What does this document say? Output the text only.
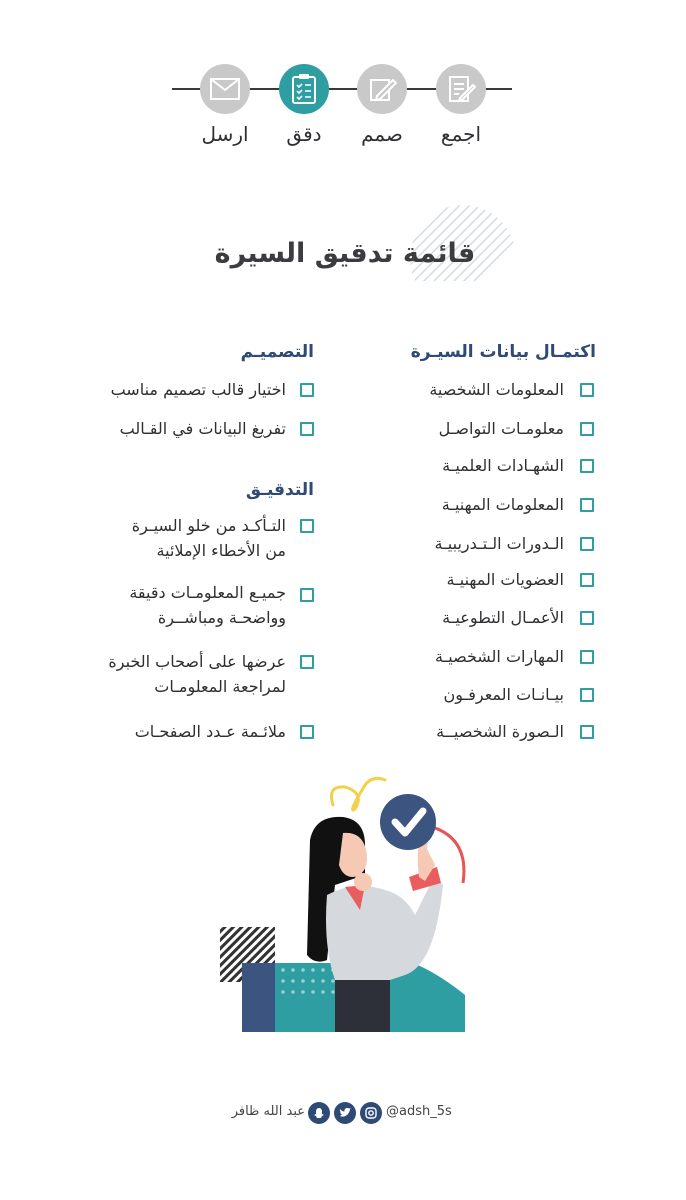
ارسل	دقق	صمم	اجمع
قائمة تدقيق السيرة
اكتمـال بيانات السيـرة
المعلومات الشخصية
معلومـات التواصـل
الشهـادات العلميـة
المعلومات المهنيـة
الـدورات الـتـدريبيـة
العضويات المهنيـة
الأعمـال التطوعيـة
المهارات الشخصيـة
بيـانـات المعرفـون
الـصورة الشخصيــة
التصميـم
اختيار قالب تصميم مناسب
تفريغ البيانات في القـالب
التدقيـق
التـأكـد من خلو السيـرة
من الأخطاء الإملائية
جميـع المعلومـات دقيقة
وواضحـة ومباشــرة
عرضها على أصحاب الخبرة
لمراجعة المعلومـات
ملائـمة عـدد الصفحـات
عبد الله ظافر	@adsh_5s
